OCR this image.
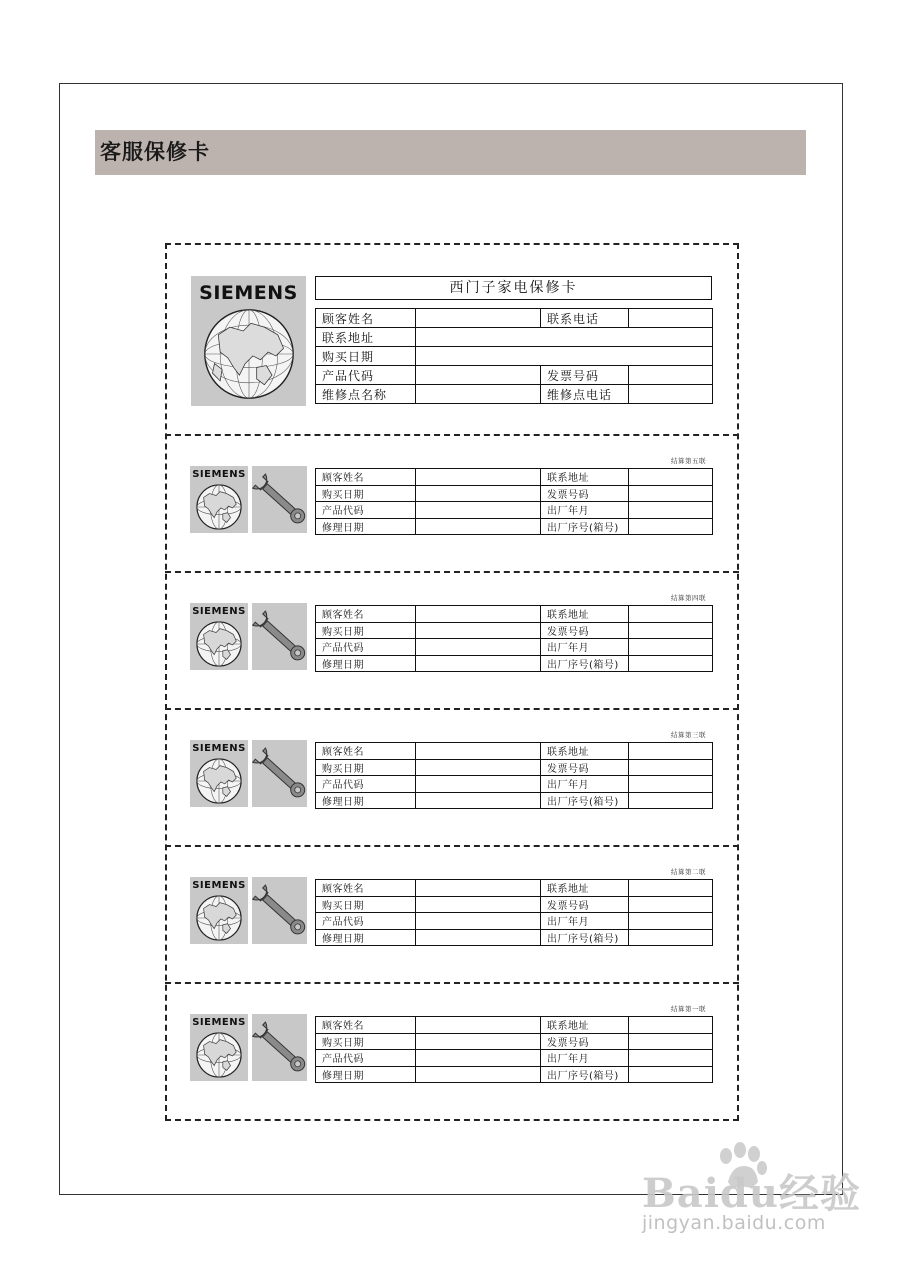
客服保修卡
SIEMENS	西门子家电保修卡
顾客姓名		联系电话	
联系地址			
购买日期			
产品代码		发票号码	
维修点名称		维修点电话	
结算第五联
SIEMENS	顾客姓名		联系地址	
购买日期		发票号码	
产品代码		出厂年月	
修理日期		出厂序号(箱号)	
结算第四联
SIEMENS	顾客姓名		联系地址	
购买日期		发票号码	
产品代码		出厂年月	
修理日期		出厂序号(箱号)	
结算第三联
SIEMENS	顾客姓名		联系地址	
购买日期		发票号码	
产品代码		出厂年月	
修理日期		出厂序号(箱号)	
结算第二联
SIEMENS	顾客姓名		联系地址	
购买日期		发票号码	
产品代码		出厂年月	
修理日期		出厂序号(箱号)	
结算第一联
SIEMENS	顾客姓名		联系地址	
购买日期		发票号码	
产品代码		出厂年月	
修理日期		出厂序号(箱号)	
Baidu经验
jingyan.baidu.com
